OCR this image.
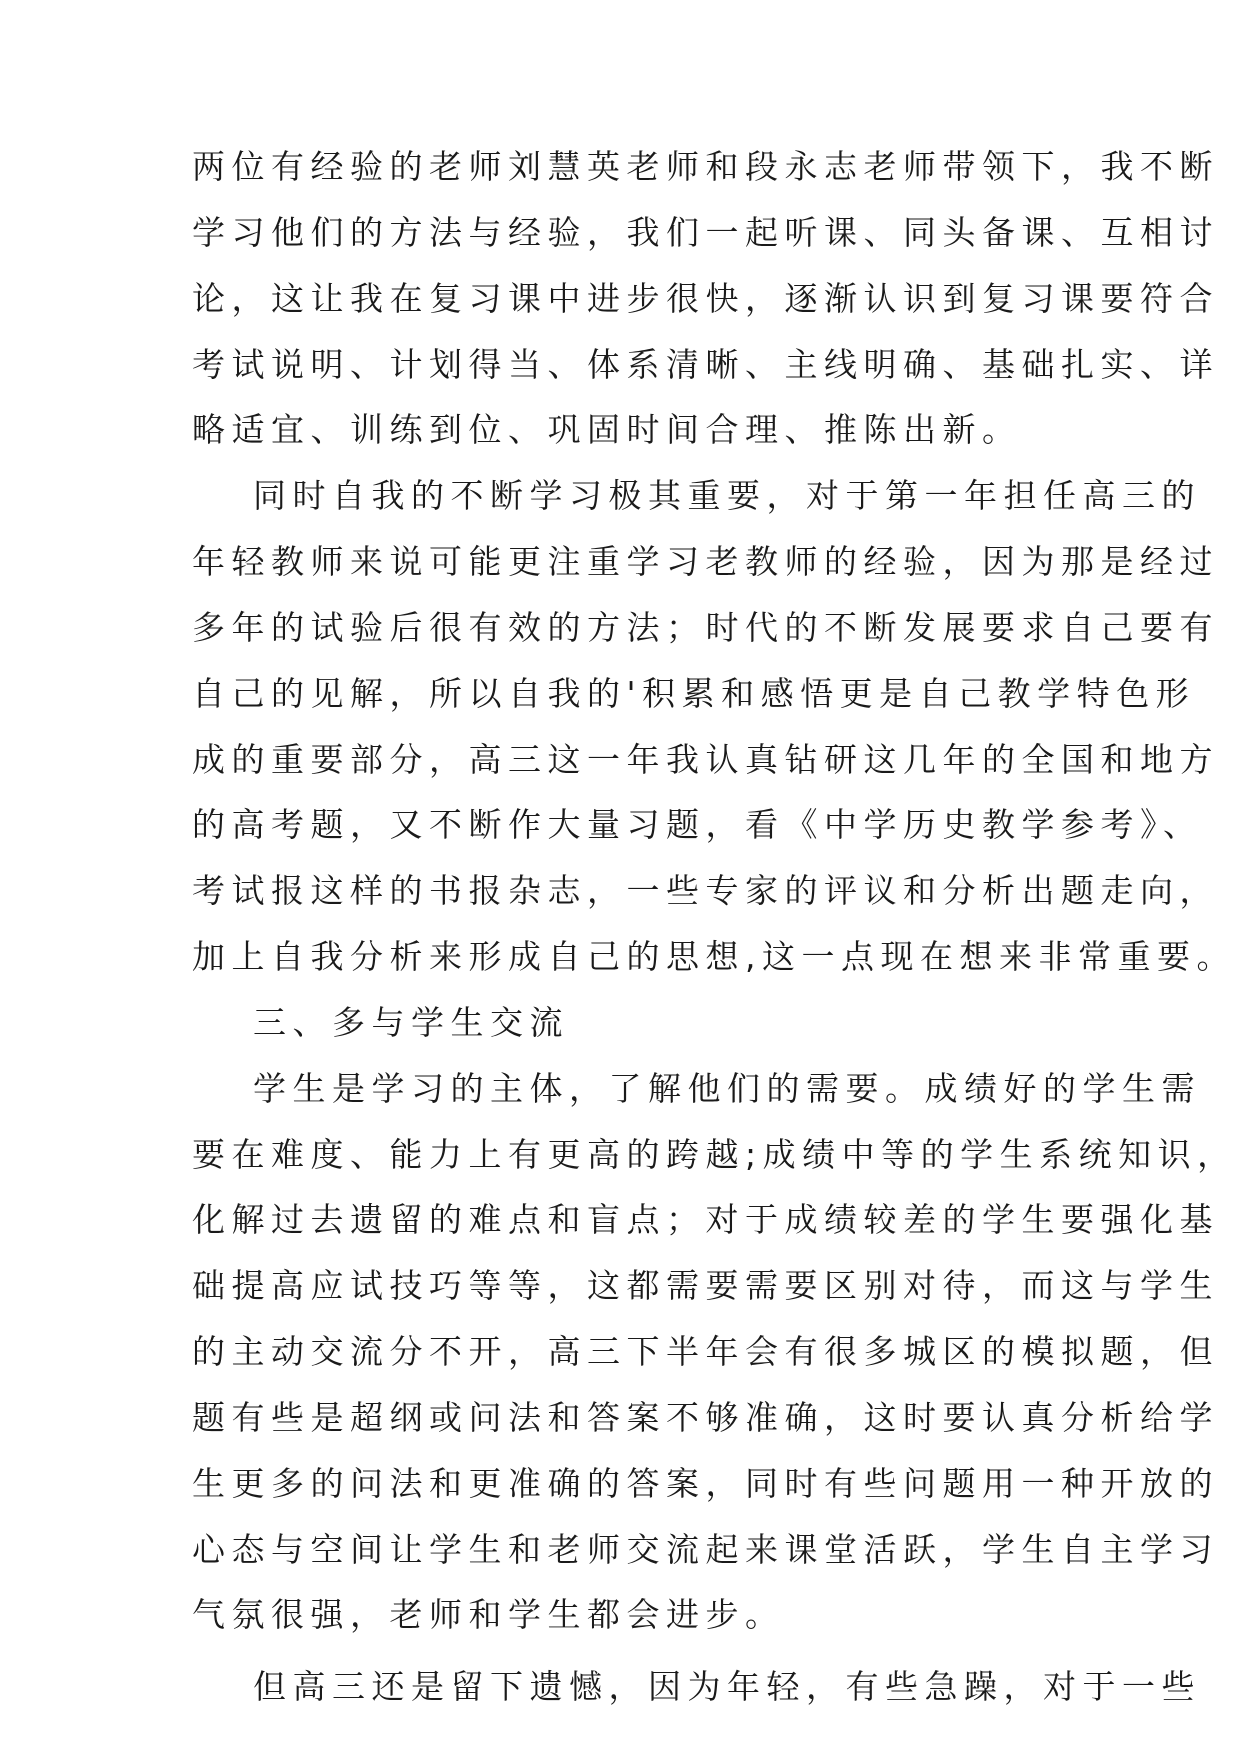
两位有经验的老师刘慧英老师和段永志老师带领下，我不断
学习他们的方法与经验，我们一起听课、同头备课、互相讨
论，这让我在复习课中进步很快，逐渐认识到复习课要符合
考试说明、计划得当、体系清晰、主线明确、基础扎实、详
略适宜、训练到位、巩固时间合理、推陈出新。
同时自我的不断学习极其重要，对于第一年担任高三的
年轻教师来说可能更注重学习老教师的经验，因为那是经过
多年的试验后很有效的方法；时代的不断发展要求自己要有
自己的见解，所以自我的'积累和感悟更是自己教学特色形
成的重要部分，高三这一年我认真钻研这几年的全国和地方
的高考题，又不断作大量习题，看《中学历史教学参考》、
考试报这样的书报杂志，一些专家的评议和分析出题走向，
加上自我分析来形成自己的思想,这一点现在想来非常重要。
三、多与学生交流
学生是学习的主体，了解他们的需要。成绩好的学生需
要在难度、能力上有更高的跨越;成绩中等的学生系统知识，
化解过去遗留的难点和盲点；对于成绩较差的学生要强化基
础提高应试技巧等等，这都需要需要区别对待，而这与学生
的主动交流分不开，高三下半年会有很多城区的模拟题，但
题有些是超纲或问法和答案不够准确，这时要认真分析给学
生更多的问法和更准确的答案，同时有些问题用一种开放的
心态与空间让学生和老师交流起来课堂活跃，学生自主学习
气氛很强，老师和学生都会进步。
但高三还是留下遗憾，因为年轻，有些急躁，对于一些
